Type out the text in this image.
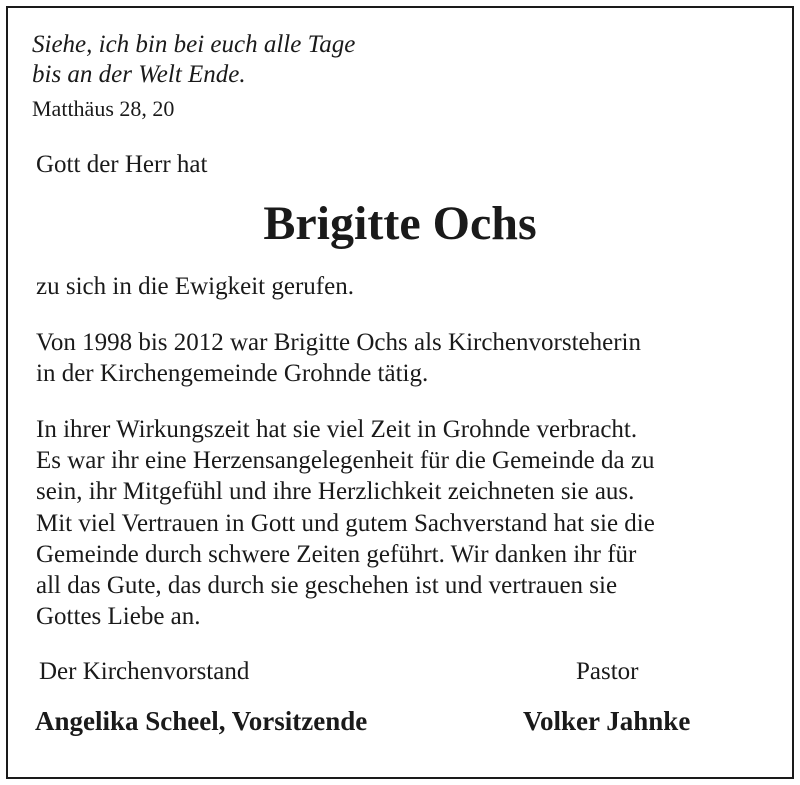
Siehe, ich bin bei euch alle Tage
bis an der Welt Ende.
Matthäus 28, 20
Gott der Herr hat
Brigitte Ochs
zu sich in die Ewigkeit gerufen.
Von 1998 bis 2012 war Brigitte Ochs als Kirchenvorsteherin
in der Kirchengemeinde Grohnde tätig.
In ihrer Wirkungszeit hat sie viel Zeit in Grohnde verbracht.
Es war ihr eine Herzensangelegenheit für die Gemeinde da zu
sein, ihr Mitgefühl und ihre Herzlichkeit zeichneten sie aus.
Mit viel Vertrauen in Gott und gutem Sachverstand hat sie die
Gemeinde durch schwere Zeiten geführt. Wir danken ihr für
all das Gute, das durch sie geschehen ist und vertrauen sie
Gottes Liebe an.
Der Kirchenvorstand	Pastor
Angelika Scheel, Vorsitzende	Volker Jahnke
